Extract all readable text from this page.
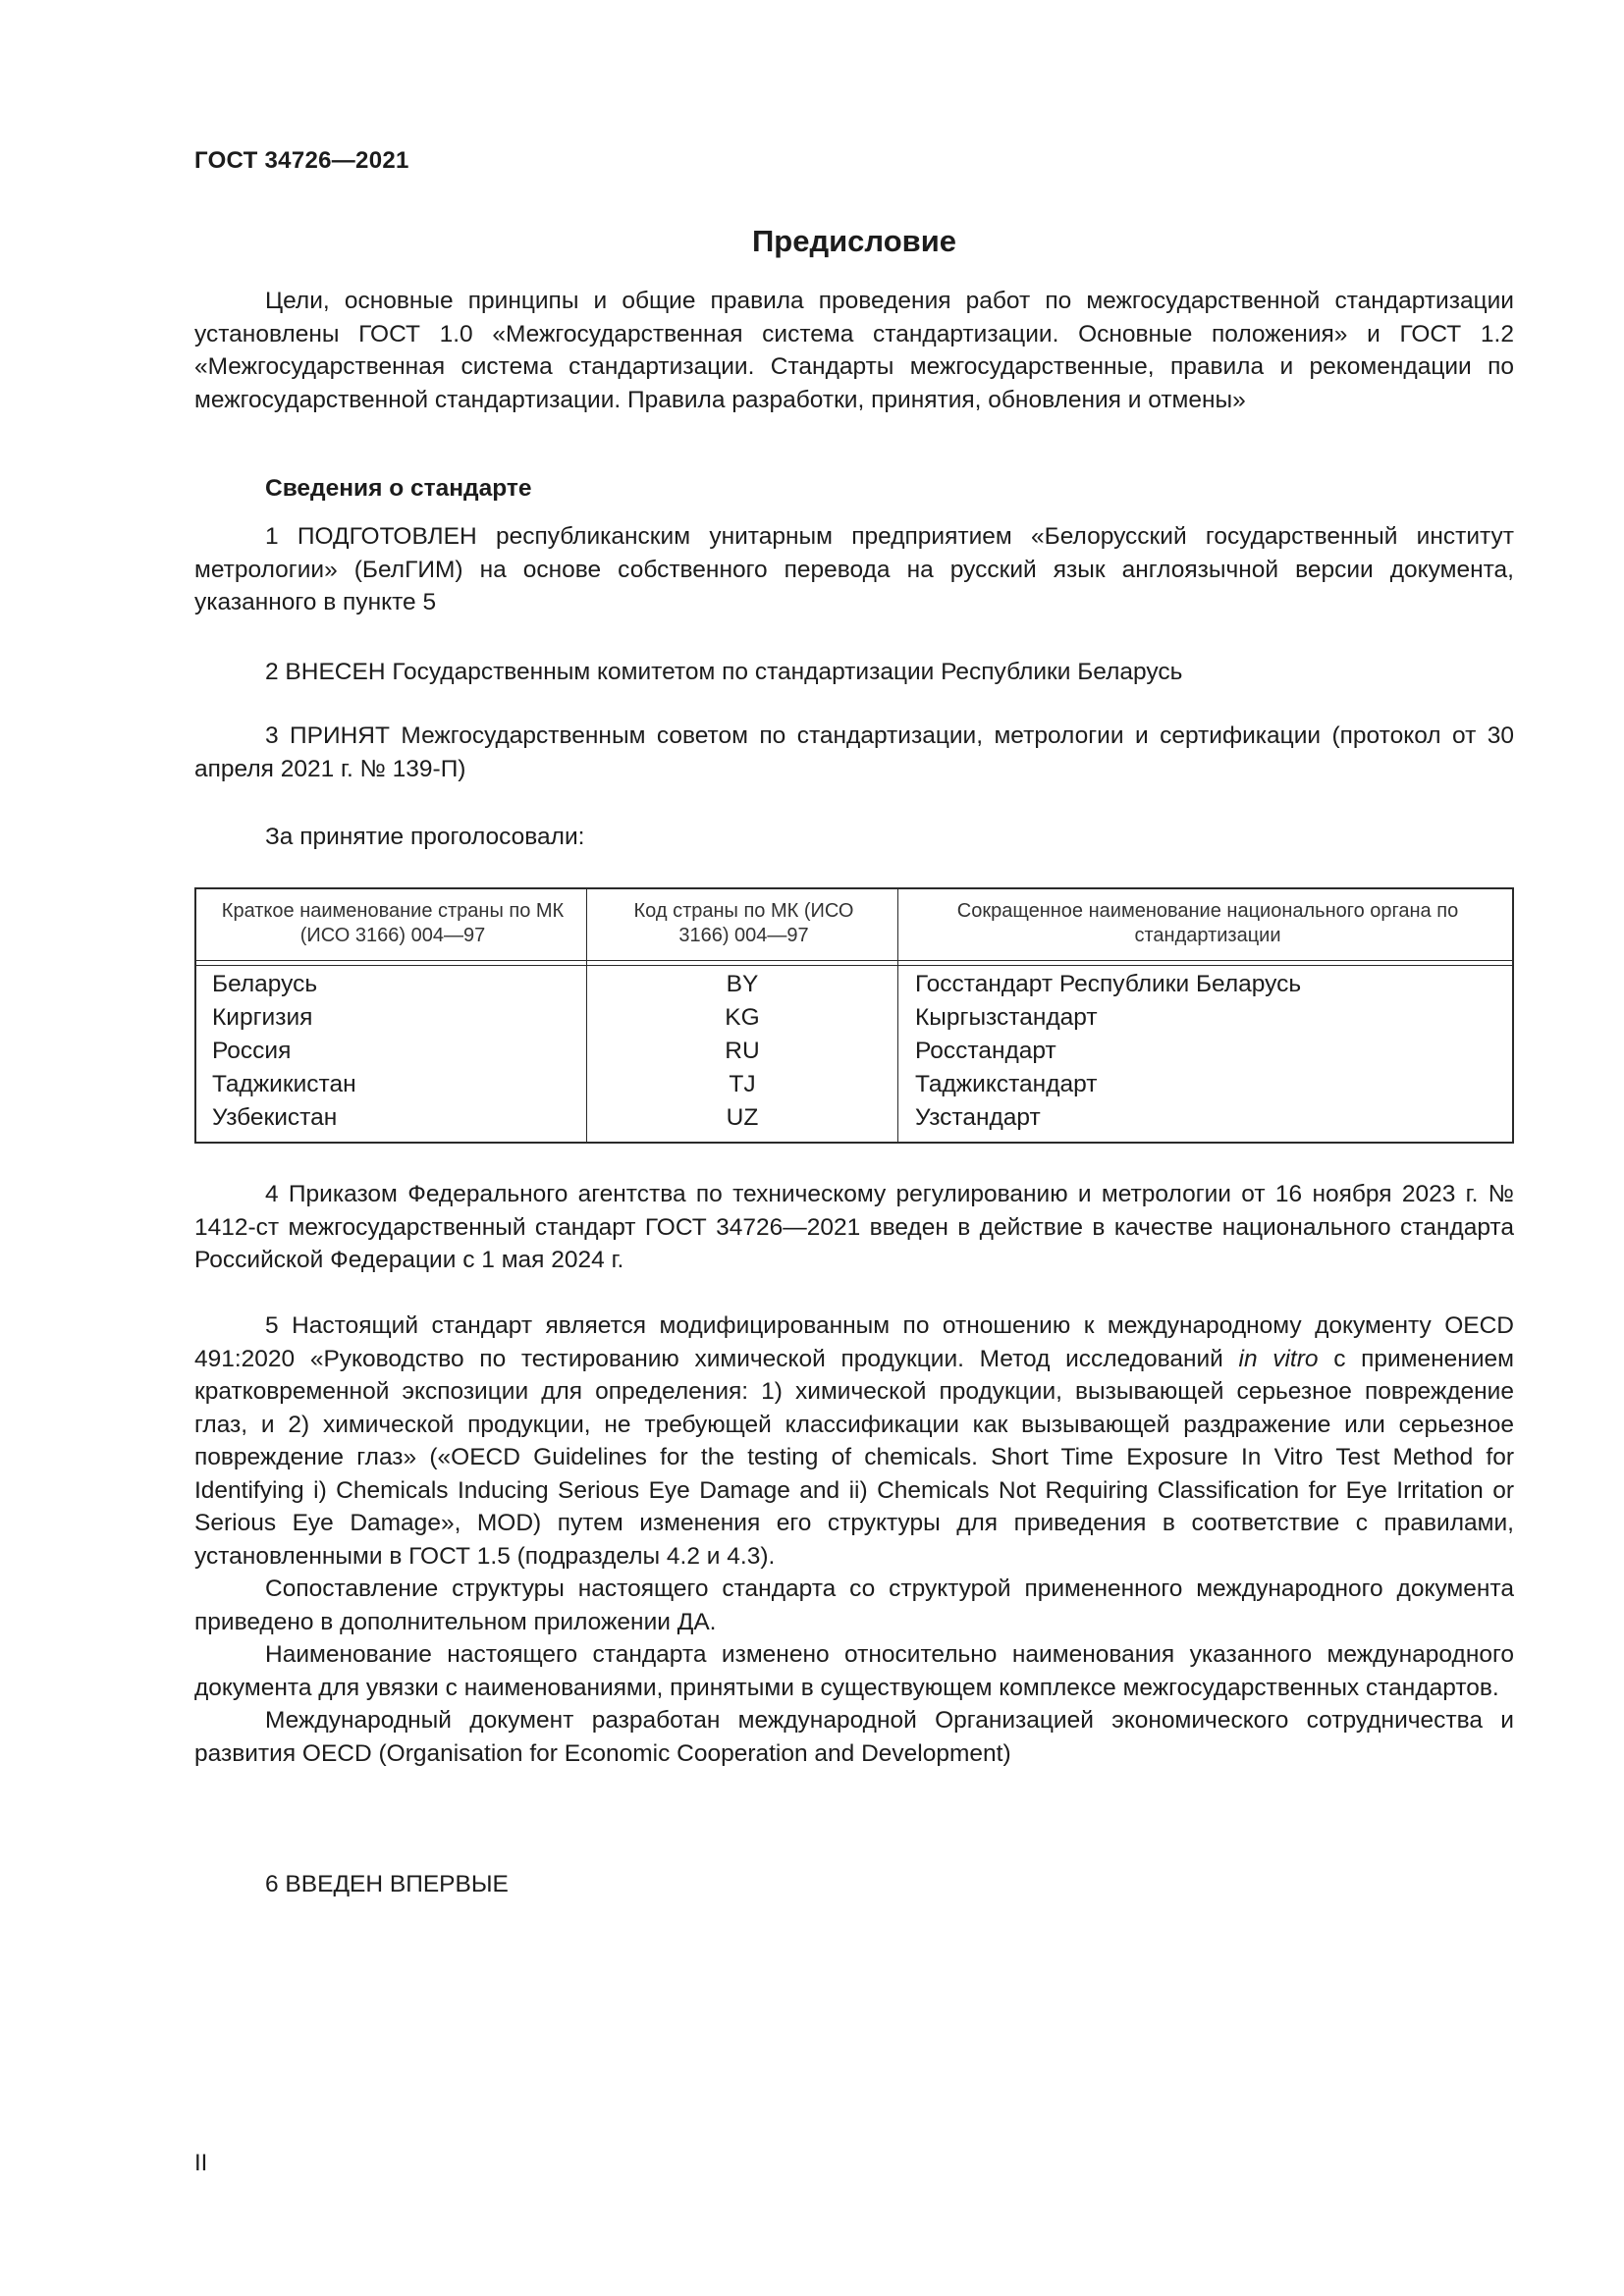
ГОСТ 34726—2021
Предисловие

Цели, основные принципы и общие правила проведения работ по межгосударственной стандартизации установлены ГОСТ 1.0 «Межгосударственная система стандартизации. Основные положения» и ГОСТ 1.2 «Межгосударственная система стандартизации. Стандарты межгосударственные, правила и рекомендации по межгосударственной стандартизации. Правила разработки, принятия, обновления и отмены»

Сведения о стандарте

1 ПОДГОТОВЛЕН республиканским унитарным предприятием «Белорусский государственный институт метрологии» (БелГИМ) на основе собственного перевода на русский язык англоязычной версии документа, указанного в пункте 5

2 ВНЕСЕН Государственным комитетом по стандартизации Республики Беларусь

3 ПРИНЯТ Межгосударственным советом по стандартизации, метрологии и сертификации (протокол от 30 апреля 2021 г. № 139-П)

За принятие проголосовали:

Краткое наименование страны по МК (ИСО 3166) 004—97
Код страны по МК (ИСО 3166) 004—97
Сокращенное наименование национального органа по стандартизации
Беларусь
Киргизия
Россия
Таджикистан
Узбекистан
BY
KG
RU
TJ
UZ
Госстандарт Республики Беларусь
Кыргызстандарт
Росстандарт
Таджикстандарт
Узстандарт

4 Приказом Федерального агентства по техническому регулированию и метрологии от 16 ноября 2023 г. № 1412-ст межгосударственный стандарт ГОСТ 34726—2021 введен в действие в качестве национального стандарта Российской Федерации с 1 мая 2024 г.

5 Настоящий стандарт является модифицированным по отношению к международному документу OECD 491:2020 «Руководство по тестированию химической продукции. Метод исследований in vitro с применением кратковременной экспозиции для определения: 1) химической продукции, вызывающей серьезное повреждение глаз, и 2) химической продукции, не требующей классификации как вызывающей раздражение или серьезное повреждение глаз» («OECD Guidelines for the testing of chemicals. Short Time Exposure In Vitro Test Method for Identifying i) Chemicals Inducing Serious Eye Damage and ii) Chemicals Not Requiring Classification for Eye Irritation or Serious Eye Damage», MOD) путем изменения его структуры для приведения в соответствие с правилами, установленными в ГОСТ 1.5 (подразделы 4.2 и 4.3).

Сопоставление структуры настоящего стандарта со структурой примененного международного документа приведено в дополнительном приложении ДА.

Наименование настоящего стандарта изменено относительно наименования указанного международного документа для увязки с наименованиями, принятыми в существующем комплексе межгосударственных стандартов.

Международный документ разработан международной Организацией экономического сотрудничества и развития OECD (Organisation for Economic Cooperation and Development)

6 ВВЕДЕН ВПЕРВЫЕ

II
